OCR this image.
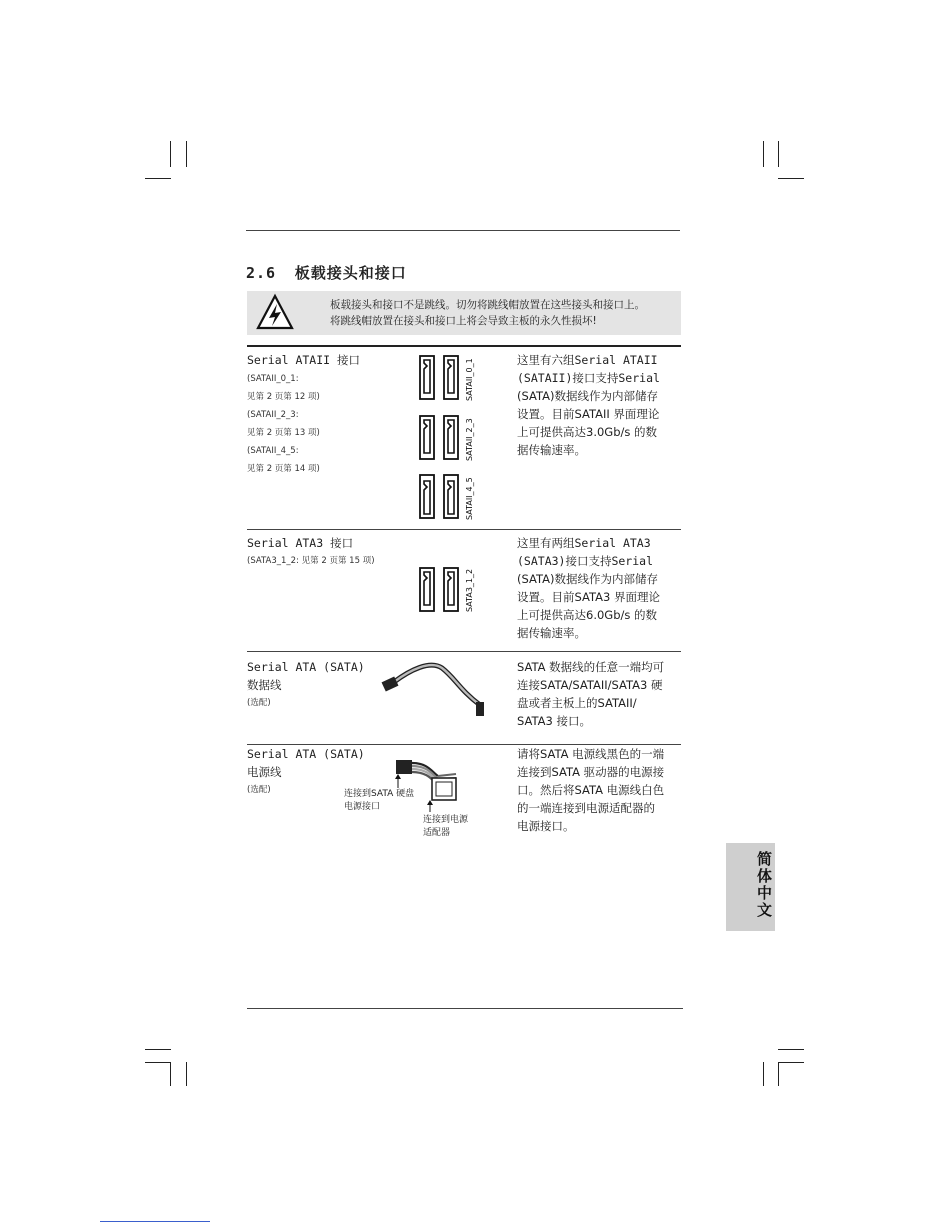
2.6 板载接头和接口
板载接头和接口不是跳线。切勿将跳线帽放置在这些接头和接口上。
将跳线帽放置在接头和接口上将会导致主板的永久性损坏!
Serial ATAII 接口
(SATAII_0_1:
见第 2 页第 12 项)
(SATAII_2_3:
见第 2 页第 13 项)
(SATAII_4_5:
见第 2 页第 14 项)
SATAII_0_1
SATAII_2_3
SATAII_4_5
这里有六组Serial ATAII
(SATAII)接口支持Serial
(SATA)数据线作为内部储存
设置。目前SATAII 界面理论
上可提供高达3.0Gb/s 的数
据传输速率。
Serial ATA3 接口
(SATA3_1_2: 见第 2 页第 15 项)
SATA3_1_2
这里有两组Serial ATA3
(SATA3)接口支持Serial
(SATA)数据线作为内部储存
设置。目前SATA3 界面理论
上可提供高达6.0Gb/s 的数
据传输速率。
Serial ATA (SATA)
数据线
(选配)
SATA 数据线的任意一端均可
连接SATA/SATAII/SATA3 硬
盘或者主板上的SATAII/
SATA3 接口。
Serial ATA (SATA)
电源线
(选配)	连接到SATA 硬盘
电源接口
连接到电源
适配器
请将SATA 电源线黑色的一端
连接到SATA 驱动器的电源接
口。然后将SATA 电源线白色
的一端连接到电源适配器的
电源接口。
简体中文
